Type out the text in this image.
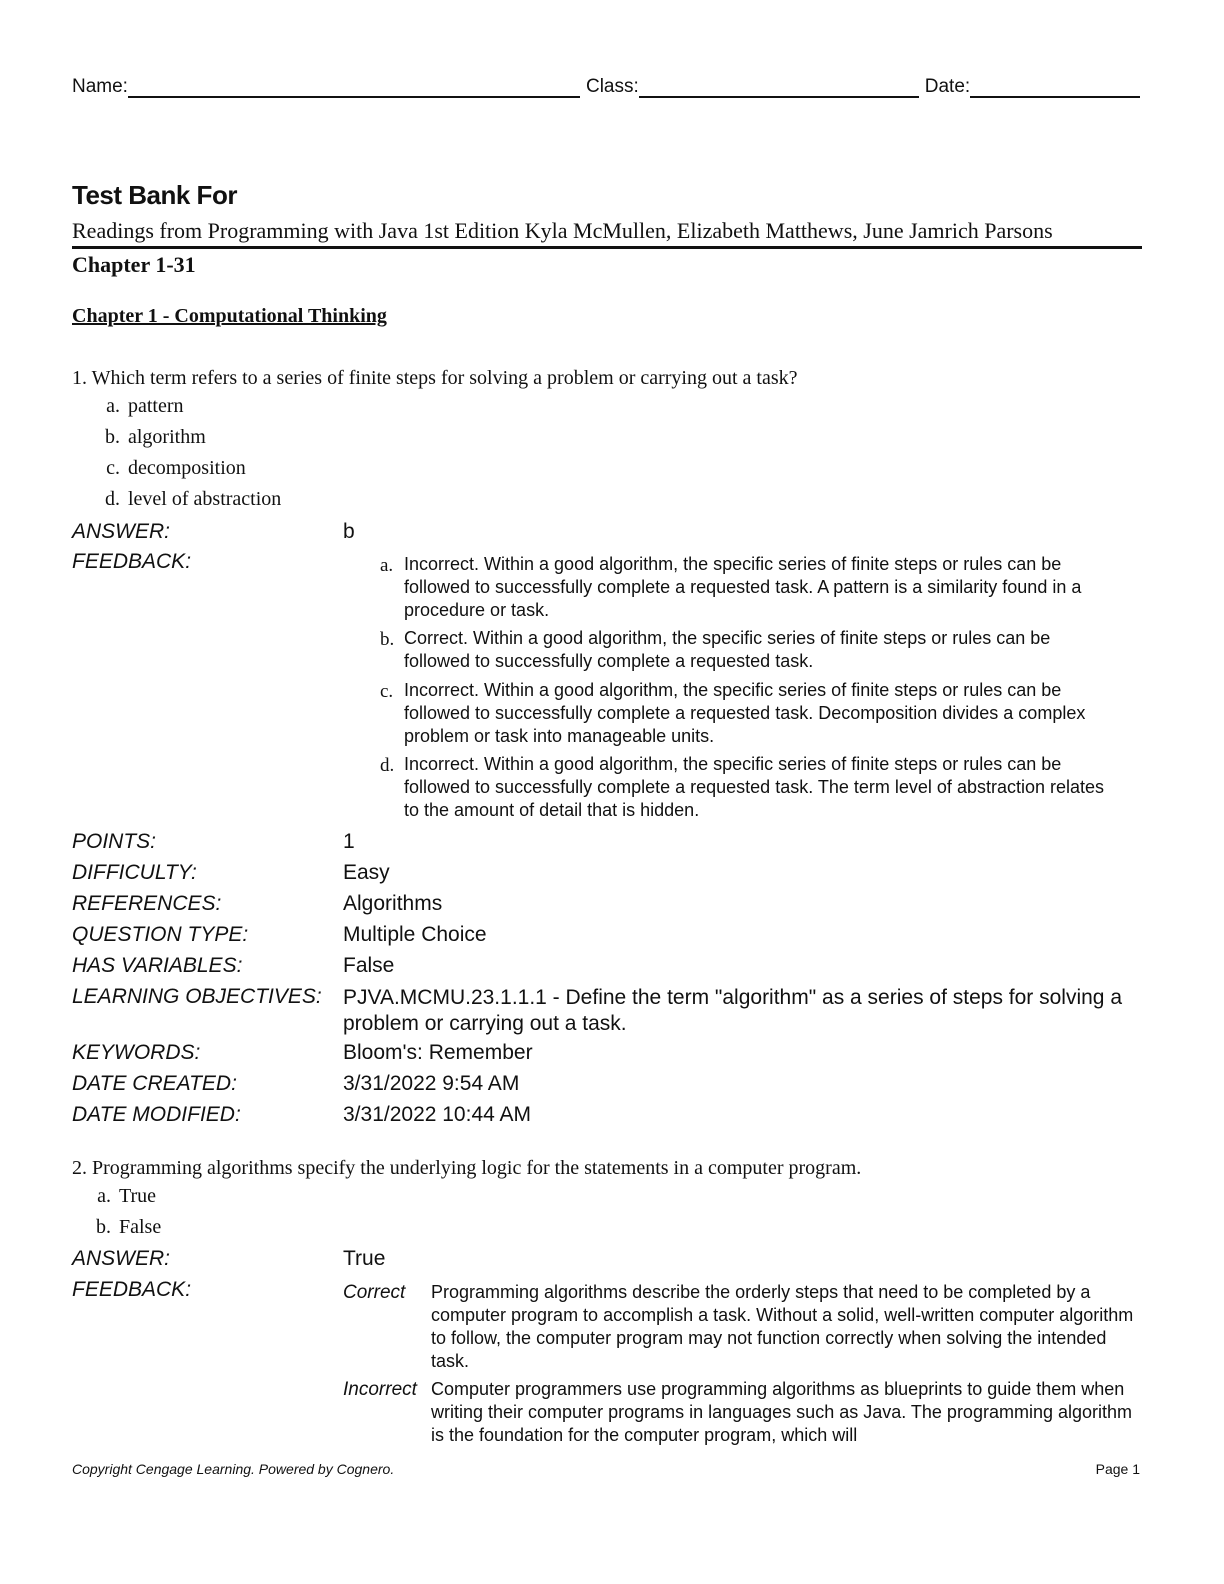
Name:	Class:	Date:
Test Bank For
Readings from Programming with Java 1st Edition Kyla McMullen, Elizabeth Matthews, June Jamrich Parsons
Chapter 1-31
Chapter 1 - Computational Thinking
1. Which term refers to a series of finite steps for solving a problem or carrying out a task?
a. pattern
b. algorithm
c. decomposition
d. level of abstraction
ANSWER:	b
FEEDBACK:	a. Incorrect. Within a good algorithm, the specific series of finite steps or rules can be followed to successfully complete a requested task. A pattern is a similarity found in a procedure or task.
b. Correct. Within a good algorithm, the specific series of finite steps or rules can be followed to successfully complete a requested task.
c. Incorrect. Within a good algorithm, the specific series of finite steps or rules can be followed to successfully complete a requested task. Decomposition divides a complex problem or task into manageable units.
d. Incorrect. Within a good algorithm, the specific series of finite steps or rules can be followed to successfully complete a requested task. The term level of abstraction relates to the amount of detail that is hidden.
POINTS:	1
DIFFICULTY:	Easy
REFERENCES:	Algorithms
QUESTION TYPE:	Multiple Choice
HAS VARIABLES:	False
LEARNING OBJECTIVES: PJVA.MCMU.23.1.1.1 - Define the term "algorithm" as a series of steps for solving a problem or carrying out a task.
KEYWORDS:	Bloom's: Remember
DATE CREATED:	3/31/2022 9:54 AM
DATE MODIFIED:	3/31/2022 10:44 AM
2. Programming algorithms specify the underlying logic for the statements in a computer program.
a. True
b. False
ANSWER:	True
FEEDBACK:	Correct Programming algorithms describe the orderly steps that need to be completed by a computer program to accomplish a task. Without a solid, well-written computer algorithm to follow, the computer program may not function correctly when solving the intended task.
Incorrect Computer programmers use programming algorithms as blueprints to guide them when writing their computer programs in languages such as Java. The programming algorithm is the foundation for the computer program, which will
Copyright Cengage Learning. Powered by Cognero.	Page 1
